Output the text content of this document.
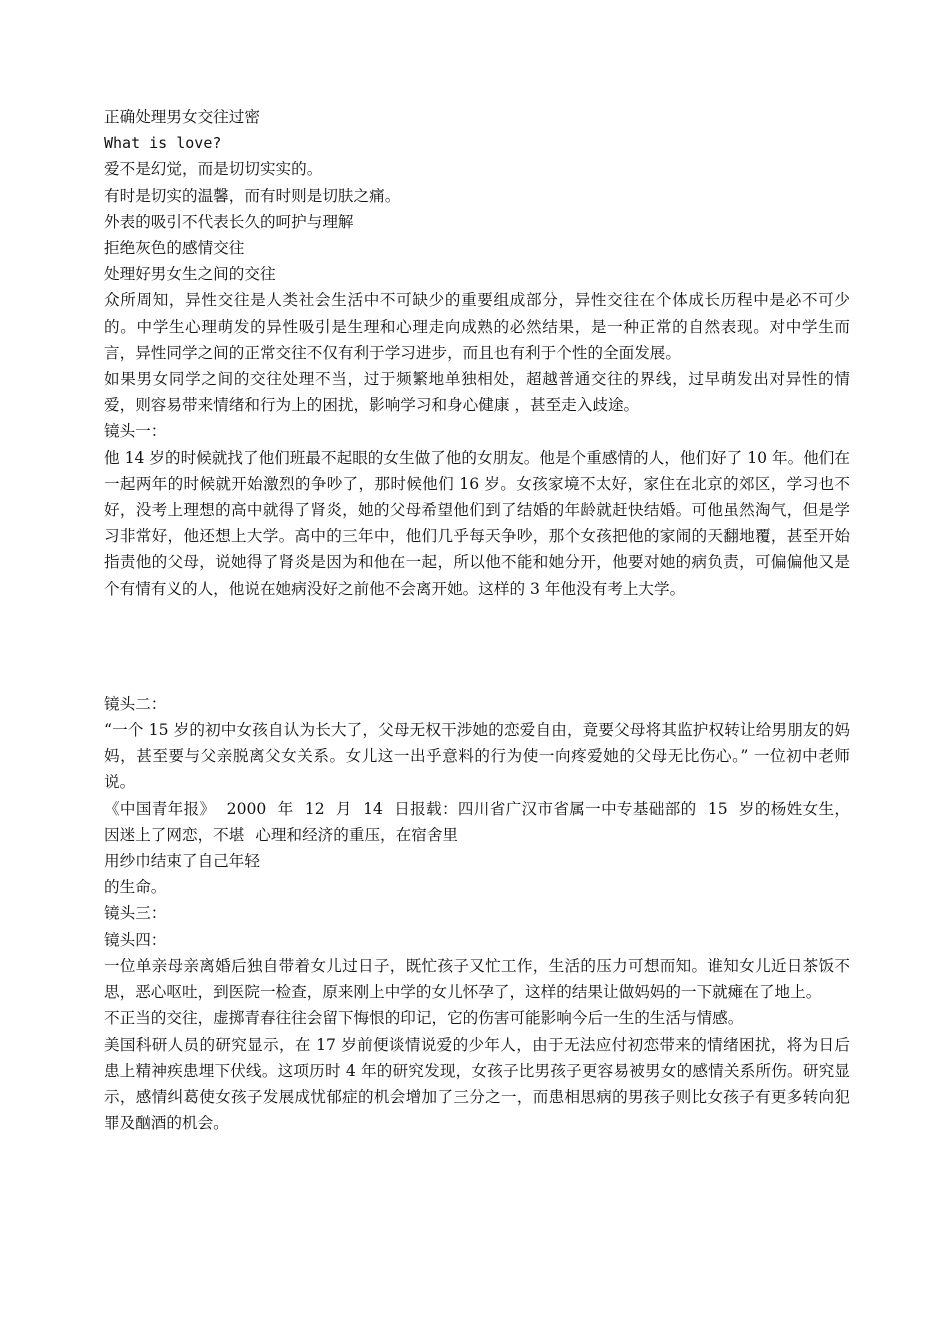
正确处理男女交往过密
What is love?
爱不是幻觉，而是切切实实的。
有时是切实的温馨，而有时则是切肤之痛。
外表的吸引不代表长久的呵护与理解
拒绝灰色的感情交往
处理好男女生之间的交往
众所周知，异性交往是人类社会生活中不可缺少的重要组成部分，异性交往在个体成长历程中是必不可少的。中学生心理萌发的异性吸引是生理和心理走向成熟的必然结果，是一种正常的自然表现。对中学生而言，异性同学之间的正常交往不仅有利于学习进步，而且也有利于个性的全面发展。
如果男女同学之间的交往处理不当，过于频繁地单独相处，超越普通交往的界线，过早萌发出对异性的情爱，则容易带来情绪和行为上的困扰，影响学习和身心健康 ，甚至走入歧途。
镜头一：
他 14 岁的时候就找了他们班最不起眼的女生做了他的女朋友。他是个重感情的人，他们好了 10 年。他们在一起两年的时候就开始激烈的争吵了，那时候他们 16 岁。女孩家境不太好，家住在北京的郊区，学习也不好，没考上理想的高中就得了肾炎，她的父母希望他们到了结婚的年龄就赶快结婚。可他虽然淘气，但是学习非常好，他还想上大学。高中的三年中，他们几乎每天争吵，那个女孩把他的家闹的天翻地覆，甚至开始指责他的父母，说她得了肾炎是因为和他在一起，所以他不能和她分开，他要对她的病负责，可偏偏他又是个有情有义的人，他说在她病没好之前他不会离开她。这样的 3 年他没有考上大学。
镜头二：
“一个 15 岁的初中女孩自认为长大了，父母无权干涉她的恋爱自由，竟要父母将其监护权转让给男朋友的妈妈，甚至要与父亲脱离父女关系。女儿这一出乎意料的行为使一向疼爱她的父母无比伤心。” 一位初中老师说。
《中国青年报》 2000 年 12 月 14 日报载：四川省广汉市省属一中专基础部的 15 岁的杨姓女生，因迷上了网恋，不堪 心理和经济的重压，在宿舍里
用纱巾结束了自己年轻
的生命。
镜头三：
镜头四：
一位单亲母亲离婚后独自带着女儿过日子，既忙孩子又忙工作，生活的压力可想而知。谁知女儿近日茶饭不思，恶心呕吐，到医院一检查，原来刚上中学的女儿怀孕了，这样的结果让做妈妈的一下就瘫在了地上。
不正当的交往，虚掷青春往往会留下悔恨的印记，它的伤害可能影响今后一生的生活与情感。
美国科研人员的研究显示，在 17 岁前便谈情说爱的少年人，由于无法应付初恋带来的情绪困扰，将为日后患上精神疾患埋下伏线。这项历时 4 年的研究发现，女孩子比男孩子更容易被男女的感情关系所伤。研究显示，感情纠葛使女孩子发展成忧郁症的机会增加了三分之一，而患相思病的男孩子则比女孩子有更多转向犯罪及酗酒的机会。
